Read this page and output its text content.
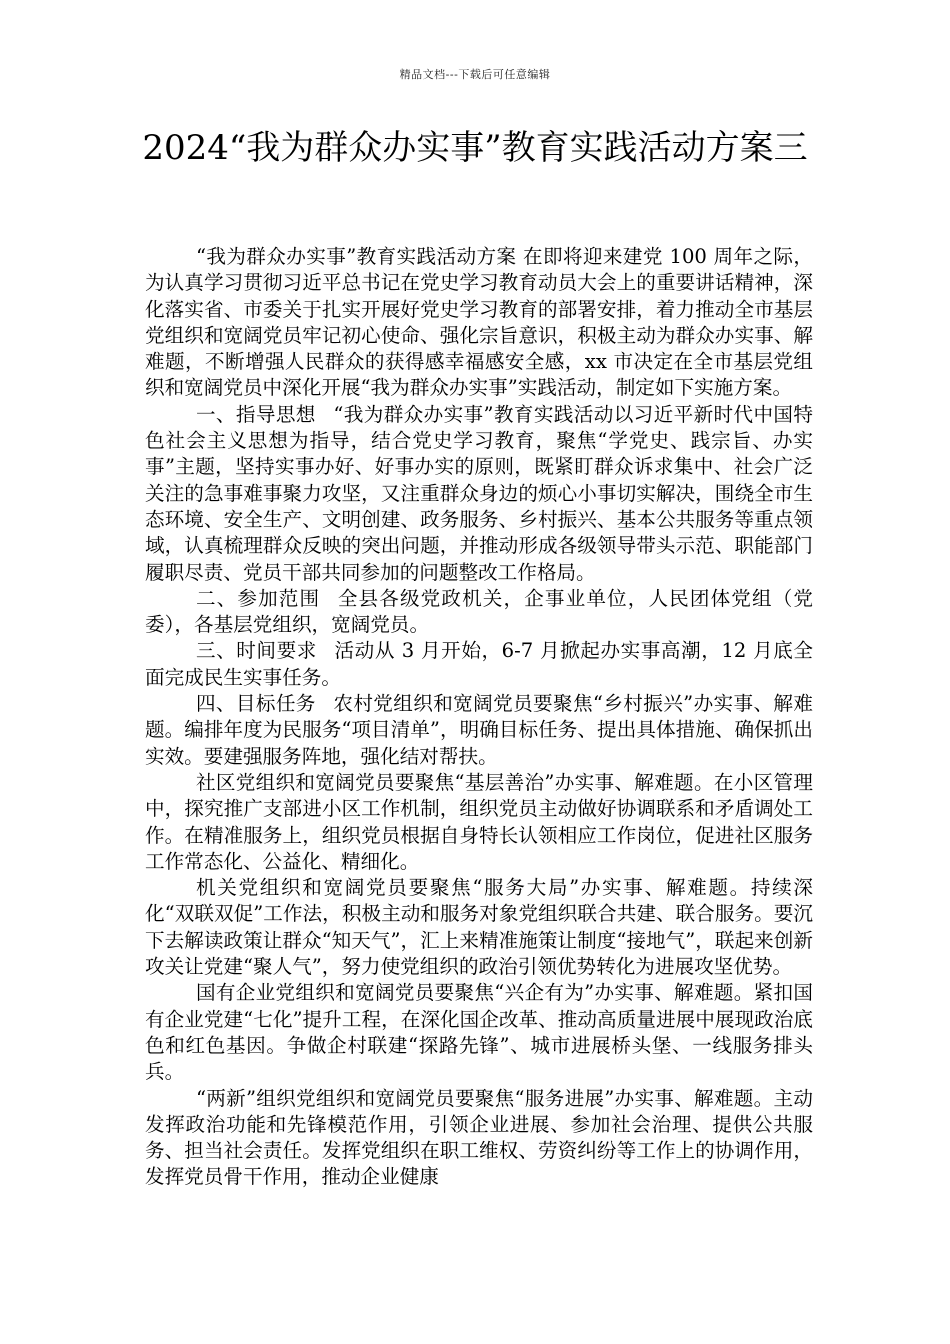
精品文档---下载后可任意编辑
2024“我为群众办实事”教育实践活动方案三

“我为群众办实事”教育实践活动方案 在即将迎来建党 100 周年之际，为认真学习贯彻习近平总书记在党史学习教育动员大会上的重要讲话精神，深化落实省、市委关于扎实开展好党史学习教育的部署安排，着力推动全市基层党组织和宽阔党员牢记初心使命、强化宗旨意识，积极主动为群众办实事、解难题，不断增强人民群众的获得感幸福感安全感，xx 市决定在全市基层党组织和宽阔党员中深化开展“我为群众办实事”实践活动，制定如下实施方案。

一、指导思想 “我为群众办实事”教育实践活动以习近平新时代中国特色社会主义思想为指导，结合党史学习教育，聚焦“学党史、践宗旨、办实事”主题，坚持实事办好、好事办实的原则，既紧盯群众诉求集中、社会广泛关注的急事难事聚力攻坚，又注重群众身边的烦心小事切实解决，围绕全市生态环境、安全生产、文明创建、政务服务、乡村振兴、基本公共服务等重点领域，认真梳理群众反映的突出问题，并推动形成各级领导带头示范、职能部门履职尽责、党员干部共同参加的问题整改工作格局。

二、参加范围 全县各级党政机关，企事业单位，人民团体党组（党委），各基层党组织，宽阔党员。

三、时间要求 活动从 3 月开始，6-7 月掀起办实事高潮，12 月底全面完成民生实事任务。

四、目标任务 农村党组织和宽阔党员要聚焦“乡村振兴”办实事、解难题。编排年度为民服务“项目清单”，明确目标任务、提出具体措施、确保抓出实效。要建强服务阵地，强化结对帮扶。

社区党组织和宽阔党员要聚焦“基层善治”办实事、解难题。在小区管理中，探究推广支部进小区工作机制，组织党员主动做好协调联系和矛盾调处工作。在精准服务上，组织党员根据自身特长认领相应工作岗位，促进社区服务工作常态化、公益化、精细化。

机关党组织和宽阔党员要聚焦“服务大局”办实事、解难题。持续深化“双联双促”工作法，积极主动和服务对象党组织联合共建、联合服务。要沉下去解读政策让群众“知天气”，汇上来精准施策让制度“接地气”，联起来创新攻关让党建“聚人气”，努力使党组织的政治引领优势转化为进展攻坚优势。

国有企业党组织和宽阔党员要聚焦“兴企有为”办实事、解难题。紧扣国有企业党建“七化”提升工程，在深化国企改革、推动高质量进展中展现政治底色和红色基因。争做企村联建“探路先锋”、城市进展桥头堡、一线服务排头兵。

“两新”组织党组织和宽阔党员要聚焦“服务进展”办实事、解难题。主动发挥政治功能和先锋模范作用，引领企业进展、参加社会治理、提供公共服务、担当社会责任。发挥党组织在职工维权、劳资纠纷等工作上的协调作用，发挥党员骨干作用，推动企业健康
